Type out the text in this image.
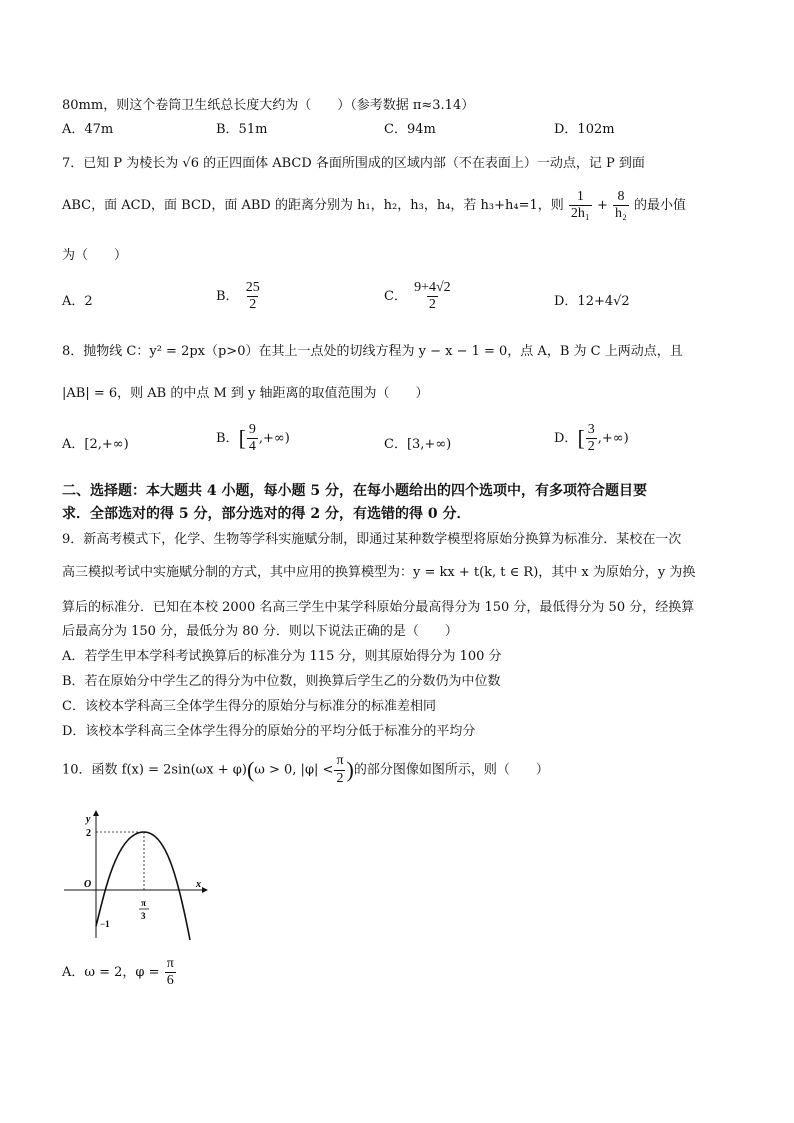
80mm，则这个卷筒卫生纸总长度大约为（　　）（参考数据 π≈3.14）
A．47m	B．51m	C．94m	D．102m
7．已知 P 为棱长为 √6 的正四面体 ABCD 各面所围成的区域内部（不在表面上）一动点，记 P 到面
ABC，面 ACD，面 BCD，面 ABD 的距离分别为 h₁，h₂，h₃，h₄，若 h₃+h₄=1，则 $\frac{1}{\text{2h₁}} + \frac{8}{\text{h₂}}$ 的最小值
为（　　）
A．2	B． $\frac{25}{2}$	C． $\frac{9+4√2}{2}$	D．12+4√2
8．抛物线 C：y² = 2px（p>0）在其上一点处的切线方程为 y − x − 1 = 0，点 A，B 为 C 上两动点，且
|AB| = 6，则 AB 的中点 M 到 y 轴距离的取值范围为（　　）
A．[2,+∞)	B．[ $\frac{9}{4}$ ,+∞)	C．[3,+∞)	D．[ $\frac{3}{2}$ ,+∞)
二、选择题：本大题共 4 小题，每小题 5 分，在每小题给出的四个选项中，有多项符合题目要
求．全部选对的得 5 分，部分选对的得 2 分，有选错的得 0 分．
9．新高考模式下，化学、生物等学科实施赋分制，即通过某种数学模型将原始分换算为标准分．某校在一次
高三模拟考试中实施赋分制的方式，其中应用的换算模型为：y = kx + t(k, t ∈ R)，其中 x 为原始分，y 为换
算后的标准分．已知在本校 2000 名高三学生中某学科原始分最高得分为 150 分，最低得分为 50 分，经换算
后最高分为 150 分，最低分为 80 分．则以下说法正确的是（　　）
A．若学生甲本学科考试换算后的标准分为 115 分，则其原始得分为 100 分
B．若在原始分中学生乙的得分为中位数，则换算后学生乙的分数仍为中位数
C．该校本学科高三全体学生得分的原始分与标准分的标准差相同
D．该校本学科高三全体学生得分的原始分的平均分低于标准分的平均分
10．函数 f(x) = 2sin(ωx + φ)(ω > 0, $|\varphi| < \frac{\pi}{2}$ )的部分图像如图所示，则（　　）
y
x
O
2
−1
π
3
A．ω = 2，$\varphi = \frac{\pi}{6}$
